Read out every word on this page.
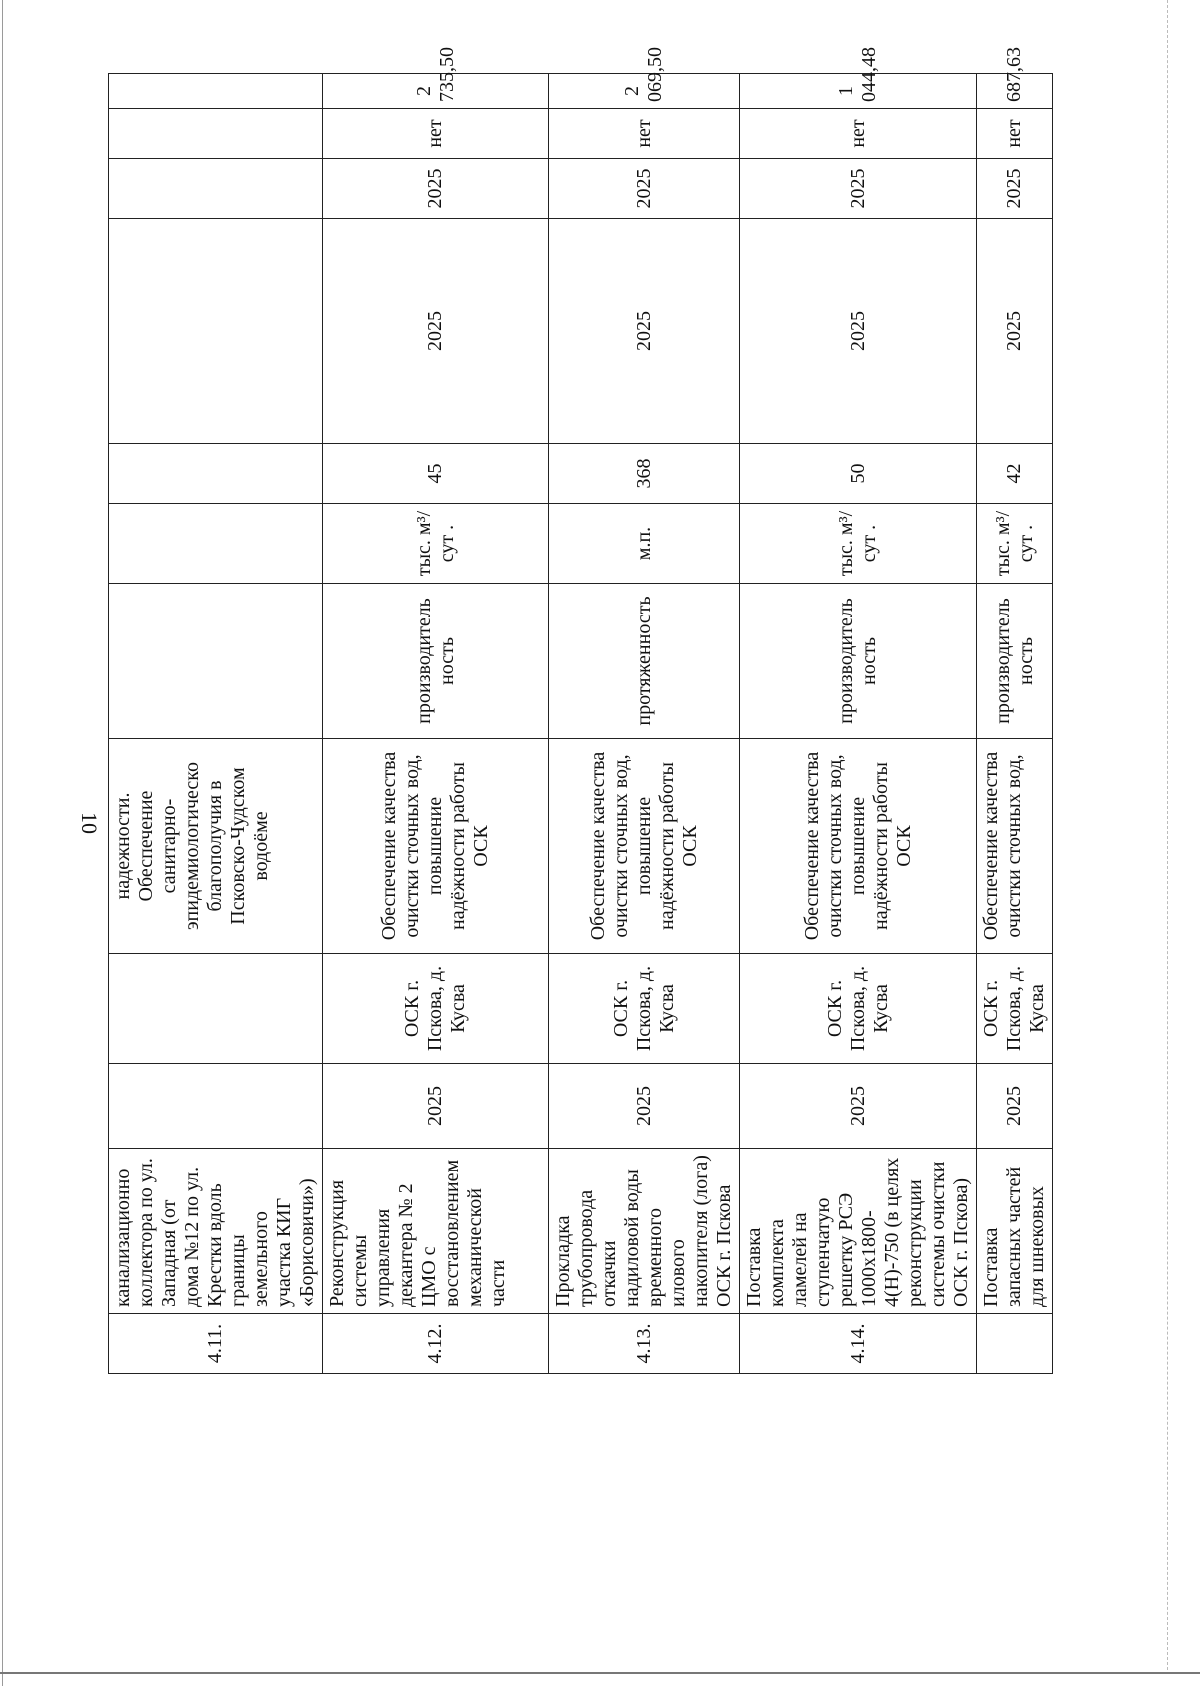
10
4.11.	канализационно коллектора по ул. Западная (от дома №12 по ул. Крестки вдоль границы земельного участка КИГ «Борисовичи»)			надежности. Обеспечение санитарно-эпидемиологическо благополучия в Псковско-Чудском водоёме							
4.12.	Реконструкция системы управления декантера № 2 ЦМО с восстановлением механической части	2025	ОСК г. Пскова, д. Кусва	Обеспечение качества очистки сточных вод, повышение надёжности работы ОСК	производитель ность	тыс. м³/сут .	45	2025	2025	нет	2 735,50
4.13.	Прокладка трубопровода откачки надиловой воды временного илового накопителя (лога) ОСК г. Пскова	2025	ОСК г. Пскова, д. Кусва	Обеспечение качества очистки сточных вод, повышение надёжности работы ОСК	протяженность	м.п.	368	2025	2025	нет	2 069,50
4.14.	Поставка комплекта ламелей на ступенчатую решетку РСЭ 1000х1800-4(Н)-750 (в целях реконструкции системы очистки ОСК г. Пскова)	2025	ОСК г. Пскова, д. Кусва	Обеспечение качества очистки сточных вод, повышение надёжности работы ОСК	производитель ность	тыс. м³/сут .	50	2025	2025	нет	1 044,48
	Поставка запасных частей для шнековых	2025	ОСК г. Пскова, д. Кусва	Обеспечение качества очистки сточных вод,	производитель ность	тыс. м³/сут .	42	2025	2025	нет	687,63
